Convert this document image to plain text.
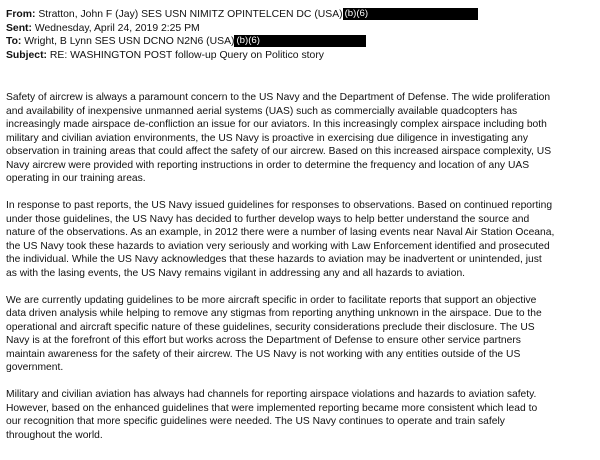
From: Stratton, John F (Jay) SES USN NIMITZ OPINTELCEN DC (USA) (b)(6)
Sent: Wednesday, April 24, 2019 2:25 PM
To: Wright, B Lynn SES USN DCNO N2N6 (USA) (b)(6)
Subject: RE: WASHINGTON POST follow-up Query on Politico story
Safety of aircrew is always a paramount concern to the US Navy and the Department of Defense. The wide proliferation
and availability of inexpensive unmanned aerial systems (UAS) such as commercially available quadcopters has
increasingly made airspace de-confliction an issue for our aviators. In this increasingly complex airspace including both
military and civilian aviation environments, the US Navy is proactive in exercising due diligence in investigating any
observation in training areas that could affect the safety of our aircrew. Based on this increased airspace complexity, US
Navy aircrew were provided with reporting instructions in order to determine the frequency and location of any UAS
operating in our training areas.
In response to past reports, the US Navy issued guidelines for responses to observations. Based on continued reporting
under those guidelines, the US Navy has decided to further develop ways to help better understand the source and
nature of the observations. As an example, in 2012 there were a number of lasing events near Naval Air Station Oceana,
the US Navy took these hazards to aviation very seriously and working with Law Enforcement identified and prosecuted
the individual. While the US Navy acknowledges that these hazards to aviation may be inadvertent or unintended, just
as with the lasing events, the US Navy remains vigilant in addressing any and all hazards to aviation.
We are currently updating guidelines to be more aircraft specific in order to facilitate reports that support an objective
data driven analysis while helping to remove any stigmas from reporting anything unknown in the airspace. Due to the
operational and aircraft specific nature of these guidelines, security considerations preclude their disclosure. The US
Navy is at the forefront of this effort but works across the Department of Defense to ensure other service partners
maintain awareness for the safety of their aircrew. The US Navy is not working with any entities outside of the US
government.
Military and civilian aviation has always had channels for reporting airspace violations and hazards to aviation safety.
However, based on the enhanced guidelines that were implemented reporting became more consistent which lead to
our recognition that more specific guidelines were needed. The US Navy continues to operate and train safely
throughout the world.
